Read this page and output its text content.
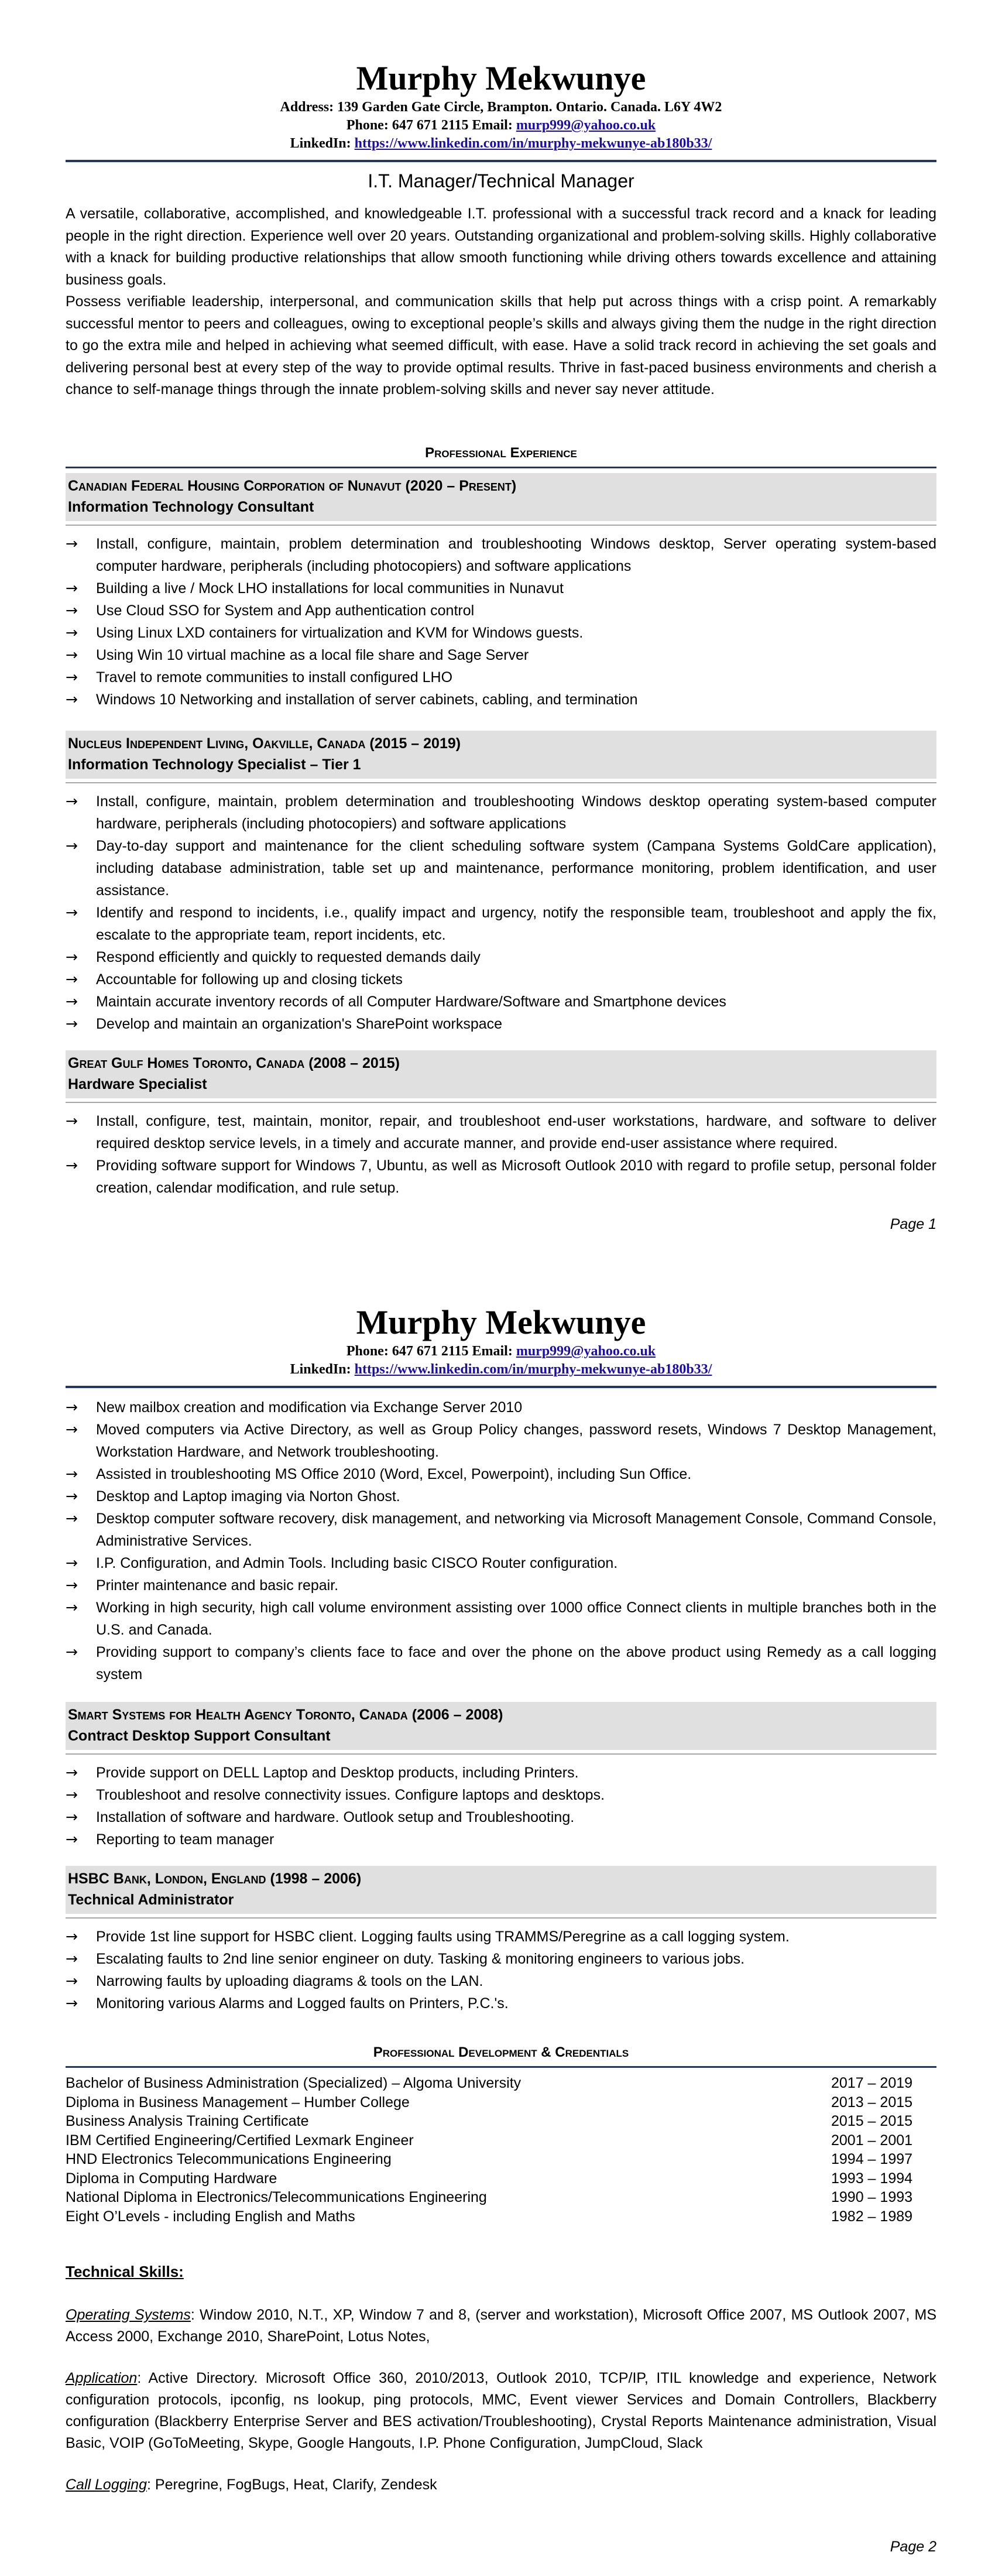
Murphy Mekwunye

Address: 139 Garden Gate Circle, Brampton. Ontario. Canada. L6Y 4W2

Phone: 647 671 2115 Email: murp999@yahoo.co.uk

LinkedIn: https://www.linkedin.com/in/murphy-mekwunye-ab180b33/

I.T. Manager/Technical Manager

A versatile, collaborative, accomplished, and knowledgeable I.T. professional with a successful track record and a knack for leading people in the right direction. Experience well over 20 years. Outstanding organizational and problem-solving skills. Highly collaborative with a knack for building productive relationships that allow smooth functioning while driving others towards excellence and attaining business goals.

Possess verifiable leadership, interpersonal, and communication skills that help put across things with a crisp point. A remarkably successful mentor to peers and colleagues, owing to exceptional people’s skills and always giving them the nudge in the right direction to go the extra mile and helped in achieving what seemed difficult, with ease. Have a solid track record in achieving the set goals and delivering personal best at every step of the way to provide optimal results. Thrive in fast-paced business environments and cherish a chance to self-manage things through the innate problem-solving skills and never say never attitude.

Professional Experience
Canadian Federal Housing Corporation of Nunavut (2020 – Present)
Information Technology Consultant
→ Install, configure, maintain, problem determination and troubleshooting Windows desktop, Server operating system-based computer hardware, peripherals (including photocopiers) and software applications
→ Building a live / Mock LHO installations for local communities in Nunavut
→ Use Cloud SSO for System and App authentication control
→ Using Linux LXD containers for virtualization and KVM for Windows guests.
→ Using Win 10 virtual machine as a local file share and Sage Server
→ Travel to remote communities to install configured LHO
→ Windows 10 Networking and installation of server cabinets, cabling, and termination
Nucleus Independent Living, Oakville, Canada (2015 – 2019)
Information Technology Specialist – Tier 1
→ Install, configure, maintain, problem determination and troubleshooting Windows desktop operating system-based computer hardware, peripherals (including photocopiers) and software applications
→ Day-to-day support and maintenance for the client scheduling software system (Campana Systems GoldCare application), including database administration, table set up and maintenance, performance monitoring, problem identification, and user assistance.
→ Identify and respond to incidents, i.e., qualify impact and urgency, notify the responsible team, troubleshoot and apply the fix, escalate to the appropriate team, report incidents, etc.
→ Respond efficiently and quickly to requested demands daily
→ Accountable for following up and closing tickets
→ Maintain accurate inventory records of all Computer Hardware/Software and Smartphone devices
→ Develop and maintain an organization's SharePoint workspace
Great Gulf Homes Toronto, Canada (2008 – 2015)
Hardware Specialist
→ Install, configure, test, maintain, monitor, repair, and troubleshoot end-user workstations, hardware, and software to deliver required desktop service levels, in a timely and accurate manner, and provide end-user assistance where required.
→ Providing software support for Windows 7, Ubuntu, as well as Microsoft Outlook 2010 with regard to profile setup, personal folder creation, calendar modification, and rule setup.
Page 1
Murphy Mekwunye

Phone: 647 671 2115 Email: murp999@yahoo.co.uk

LinkedIn: https://www.linkedin.com/in/murphy-mekwunye-ab180b33/

→ New mailbox creation and modification via Exchange Server 2010
→ Moved computers via Active Directory, as well as Group Policy changes, password resets, Windows 7 Desktop Management, Workstation Hardware, and Network troubleshooting.
→ Assisted in troubleshooting MS Office 2010 (Word, Excel, Powerpoint), including Sun Office.
→ Desktop and Laptop imaging via Norton Ghost.
→ Desktop computer software recovery, disk management, and networking via Microsoft Management Console, Command Console, Administrative Services.
→ I.P. Configuration, and Admin Tools. Including basic CISCO Router configuration.
→ Printer maintenance and basic repair.
→ Working in high security, high call volume environment assisting over 1000 office Connect clients in multiple branches both in the U.S. and Canada.
→ Providing support to company’s clients face to face and over the phone on the above product using Remedy as a call logging system
Smart Systems for Health Agency Toronto, Canada (2006 – 2008)
Contract Desktop Support Consultant
→ Provide support on DELL Laptop and Desktop products, including Printers.
→ Troubleshoot and resolve connectivity issues. Configure laptops and desktops.
→ Installation of software and hardware. Outlook setup and Troubleshooting.
→ Reporting to team manager
HSBC Bank, London, England (1998 – 2006)
Technical Administrator
→ Provide 1st line support for HSBC client. Logging faults using TRAMMS/Peregrine as a call logging system.
→ Escalating faults to 2nd line senior engineer on duty. Tasking & monitoring engineers to various jobs.
→ Narrowing faults by uploading diagrams & tools on the LAN.
→ Monitoring various Alarms and Logged faults on Printers, P.C.'s.
Professional Development & Credentials
Bachelor of Business Administration (Specialized) – Algoma University	2017 – 2019
Diploma in Business Management – Humber College	2013 – 2015
Business Analysis Training Certificate	2015 – 2015
IBM Certified Engineering/Certified Lexmark Engineer	2001 – 2001
HND Electronics Telecommunications Engineering	1994 – 1997
Diploma in Computing Hardware	1993 – 1994
National Diploma in Electronics/Telecommunications Engineering	1990 – 1993
Eight O’Levels - including English and Maths	1982 – 1989
Technical Skills:

Operating Systems: Window 2010, N.T., XP, Window 7 and 8, (server and workstation), Microsoft Office 2007, MS Outlook 2007, MS Access 2000, Exchange 2010, SharePoint, Lotus Notes,

Application: Active Directory. Microsoft Office 360, 2010/2013, Outlook 2010, TCP/IP, ITIL knowledge and experience, Network configuration protocols, ipconfig, ns lookup, ping protocols, MMC, Event viewer Services and Domain Controllers, Blackberry configuration (Blackberry Enterprise Server and BES activation/Troubleshooting), Crystal Reports Maintenance administration, Visual Basic, VOIP (GoToMeeting, Skype, Google Hangouts, I.P. Phone Configuration, JumpCloud, Slack

Call Logging: Peregrine, FogBugs, Heat, Clarify, Zendesk

Page 2
